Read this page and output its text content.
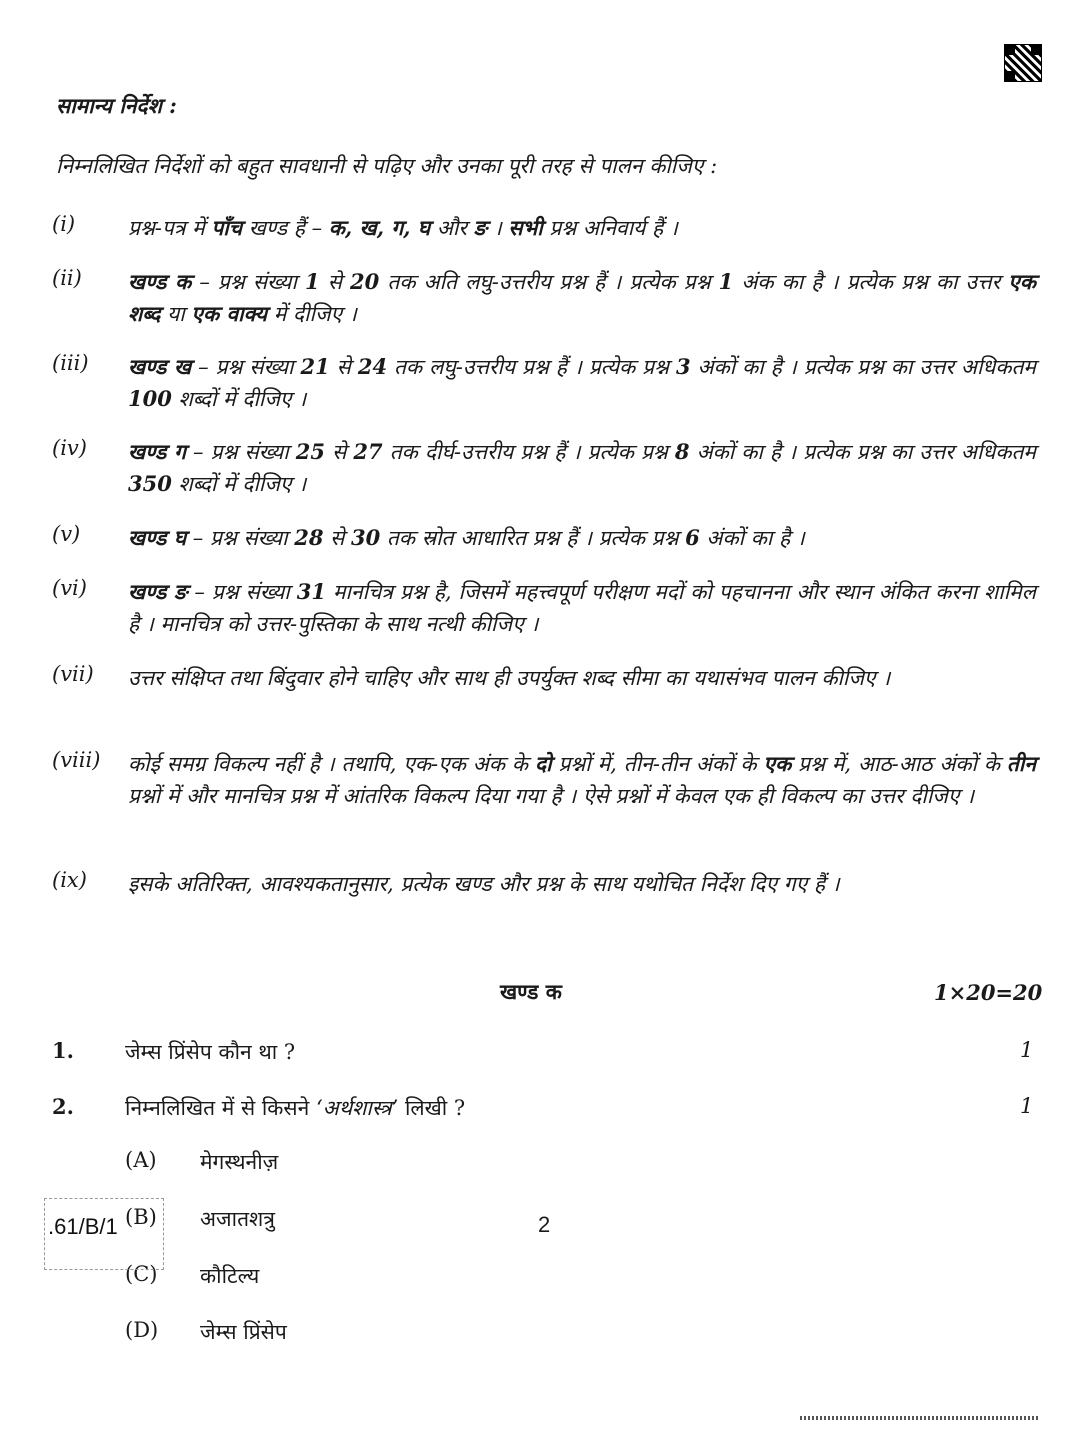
सामान्य निर्देश :
निम्नलिखित निर्देशों को बहुत सावधानी से पढ़िए और उनका पूरी तरह से पालन कीजिए :
(i)	प्रश्न-पत्र में पाँच खण्ड हैं – क, ख, ग, घ और ङ । सभी प्रश्न अनिवार्य हैं ।
(ii) खण्ड क – प्रश्न संख्या 1 से 20 तक अति लघु-उत्तरीय प्रश्न हैं । प्रत्येक प्रश्न 1 अंक का है । प्रत्येक प्रश्न का उत्तर एक शब्द या एक वाक्य में दीजिए ।
(iii) खण्ड ख – प्रश्न संख्या 21 से 24 तक लघु-उत्तरीय प्रश्न हैं । प्रत्येक प्रश्न 3 अंकों का है । प्रत्येक प्रश्न का उत्तर अधिकतम 100 शब्दों में दीजिए ।
(iv) खण्ड ग – प्रश्न संख्या 25 से 27 तक दीर्घ-उत्तरीय प्रश्न हैं । प्रत्येक प्रश्न 8 अंकों का है । प्रत्येक प्रश्न का उत्तर अधिकतम 350 शब्दों में दीजिए ।
(v) खण्ड घ – प्रश्न संख्या 28 से 30 तक स्रोत आधारित प्रश्न हैं । प्रत्येक प्रश्न 6 अंकों का है ।
(vi) खण्ड ङ – प्रश्न संख्या 31 मानचित्र प्रश्न है, जिसमें महत्त्वपूर्ण परीक्षण मदों को पहचानना और स्थान अंकित करना शामिल है । मानचित्र को उत्तर-पुस्तिका के साथ नत्थी कीजिए ।
(vii) उत्तर संक्षिप्त तथा बिंदुवार होने चाहिए और साथ ही उपर्युक्त शब्द सीमा का यथासंभव पालन कीजिए ।
(viii) कोई समग्र विकल्प नहीं है । तथापि, एक-एक अंक के दो प्रश्नों में, तीन-तीन अंकों के एक प्रश्न में, आठ-आठ अंकों के तीन प्रश्नों में और मानचित्र प्रश्न में आंतरिक विकल्प दिया गया है । ऐसे प्रश्नों में केवल एक ही विकल्प का उत्तर दीजिए ।
(ix) इसके अतिरिक्त, आवश्यकतानुसार, प्रत्येक खण्ड और प्रश्न के साथ यथोचित निर्देश दिए गए हैं ।
खण्ड क	1×20=20
1. जेम्स प्रिंसेप कौन था ?	1
2. निम्नलिखित में से किसने ‘अर्थशास्त्र’ लिखी ?	1
(A) मेगस्थनीज़
(B) अजातशत्रु
(C) कौटिल्य
(D) जेम्स प्रिंसेप
.61/B/1	2
